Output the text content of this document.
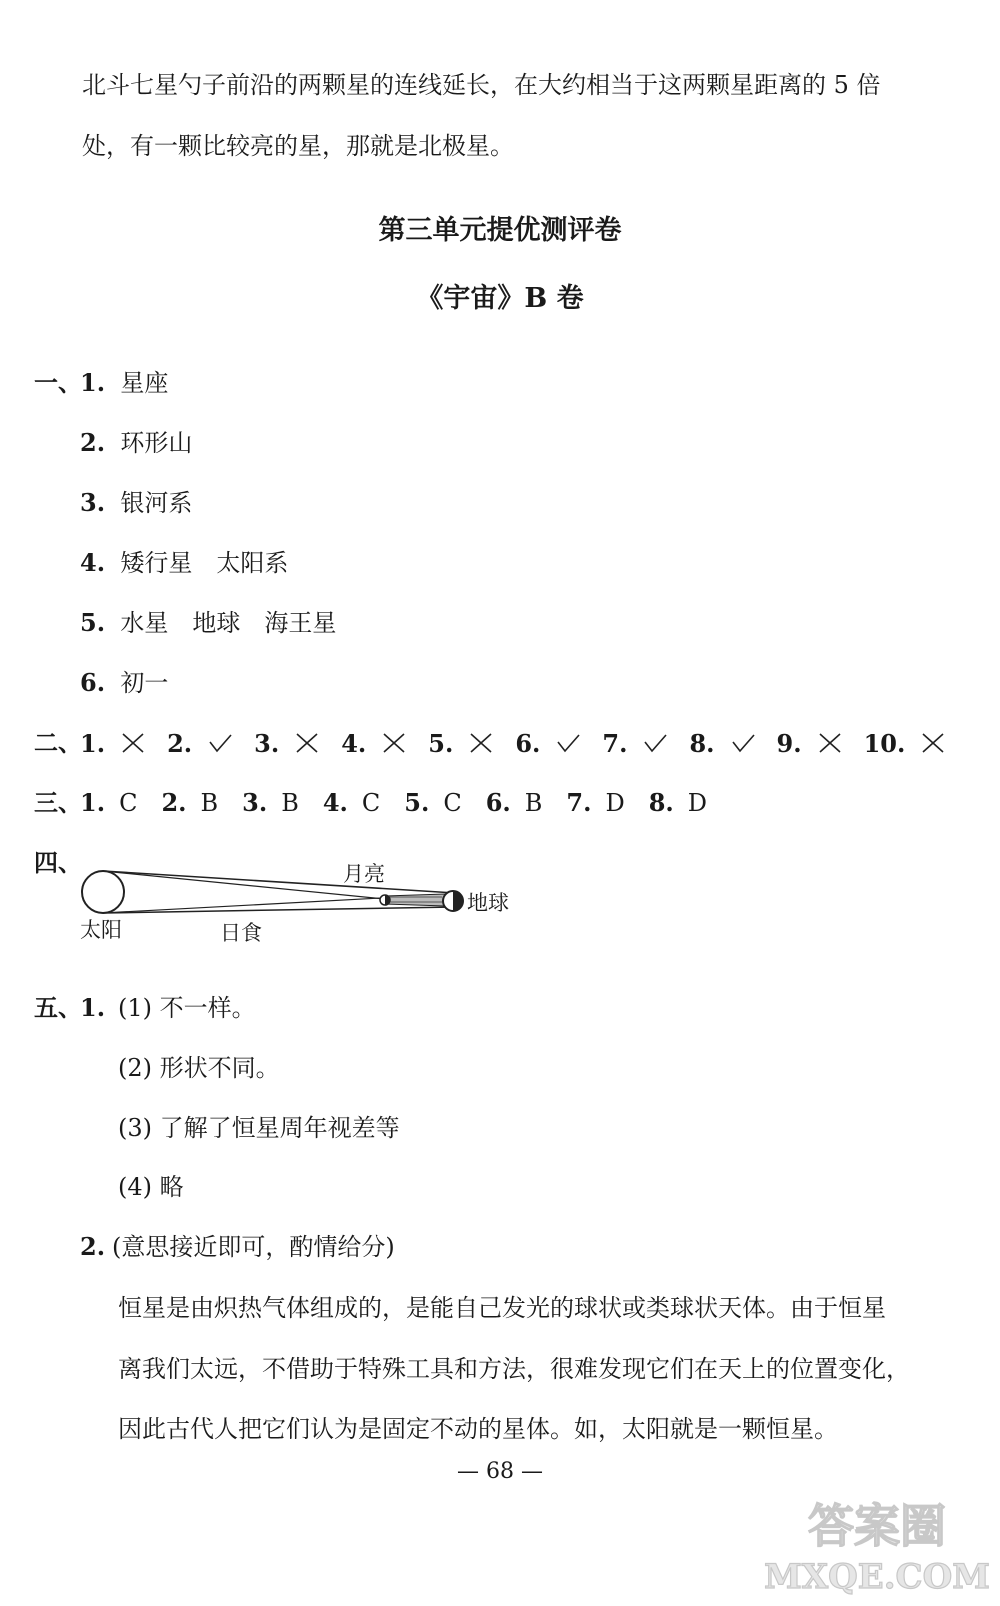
北斗七星勺子前沿的两颗星的连线延长，在大约相当于这两颗星距离的 5 倍
处，有一颗比较亮的星，那就是北极星。
第三单元提优测评卷
《宇宙》B 卷
一、
1.
星座
2.
环形山
3.
银河系
4.
矮行星　太阳系
5.
水星　地球　海王星
6.
初一
二、
1.	2.	3.	4.	5.	6.	7.	8.	9.	10.
三、
1. C 2. B 3. B 4. C 5. C 6. B 7. D 8. D
四、	月亮
地球
太阳	日食
五、
1. (1) 不一样。
(2) 形状不同。
(3) 了解了恒星周年视差等
(4) 略
2. (意思接近即可，酌情给分)
恒星是由炽热气体组成的，是能自己发光的球状或类球状天体。由于恒星
离我们太远，不借助于特殊工具和方法，很难发现它们在天上的位置变化，
因此古代人把它们认为是固定不动的星体。如，太阳就是一颗恒星。
— 68 —
答案圈
MXQE.COM
